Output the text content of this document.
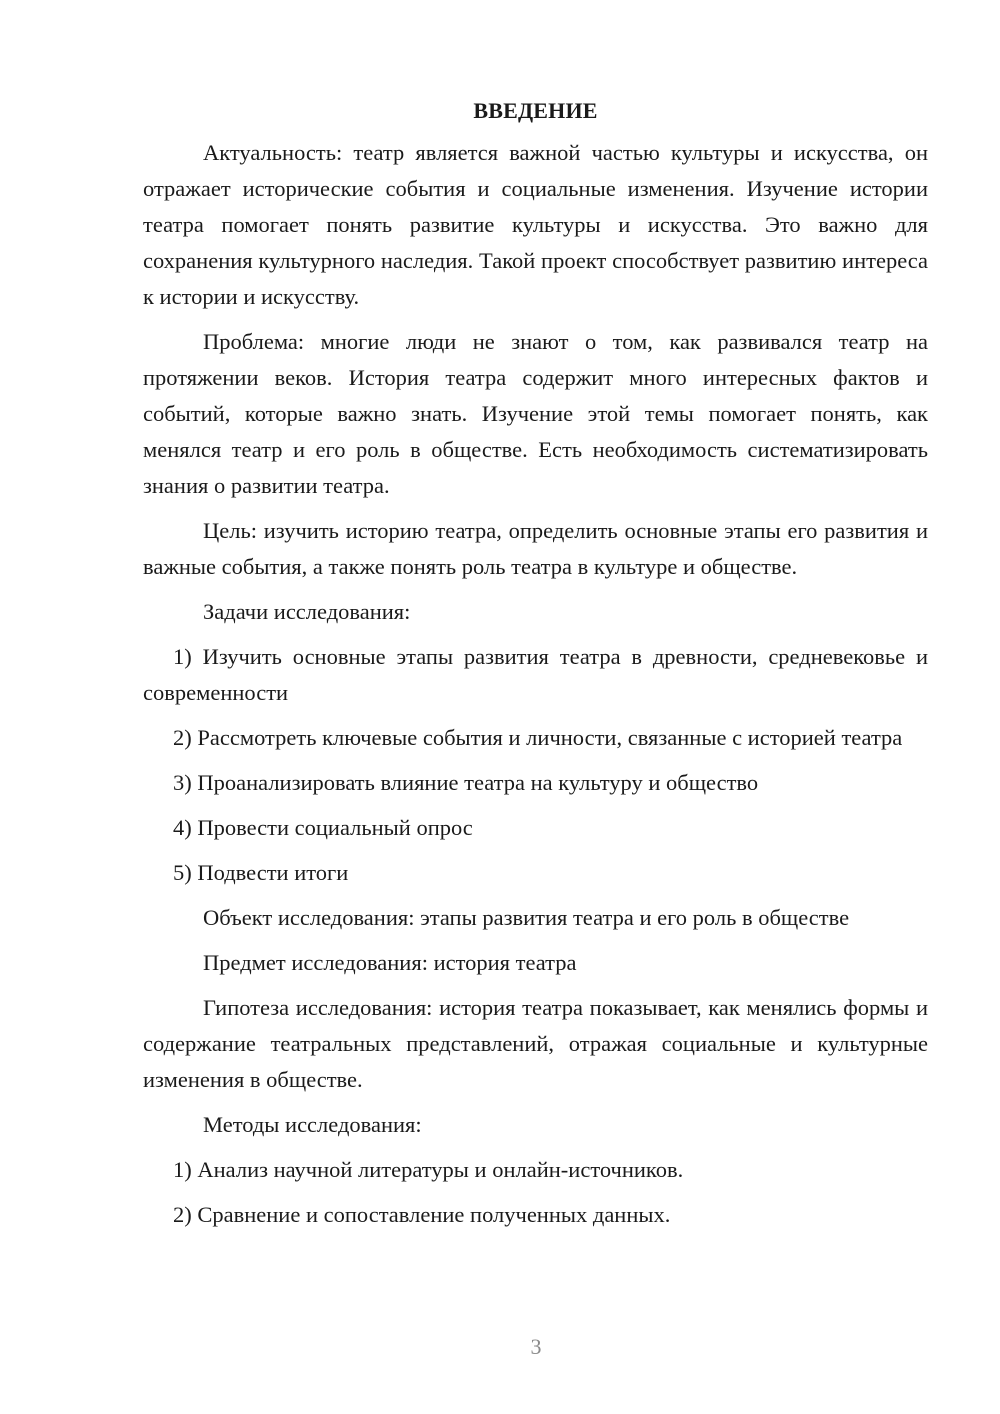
ВВЕДЕНИЕ

Актуальность: театр является важной частью культуры и искусства, он отражает исторические события и социальные изменения. Изучение истории театра помогает понять развитие культуры и искусства. Это важно для сохранения культурного наследия. Такой проект способствует развитию интереса к истории и искусству.

Проблема: многие люди не знают о том, как развивался театр на протяжении веков. История театра содержит много интересных фактов и событий, которые важно знать. Изучение этой темы помогает понять, как менялся театр и его роль в обществе. Есть необходимость систематизировать знания о развитии театра.

Цель: изучить историю театра, определить основные этапы его развития и важные события, а также понять роль театра в культуре и обществе.

Задачи исследования:

1) Изучить основные этапы развития театра в древности, средневековье и современности

2) Рассмотреть ключевые события и личности, связанные с историей театра

3) Проанализировать влияние театра на культуру и общество

4) Провести социальный опрос

5) Подвести итоги

Объект исследования: этапы развития театра и его роль в обществе

Предмет исследования: история театра

Гипотеза исследования: история театра показывает, как менялись формы и содержание театральных представлений, отражая социальные и культурные изменения в обществе.

Методы исследования:

1) Анализ научной литературы и онлайн-источников.

2) Сравнение и сопоставление полученных данных.

3
